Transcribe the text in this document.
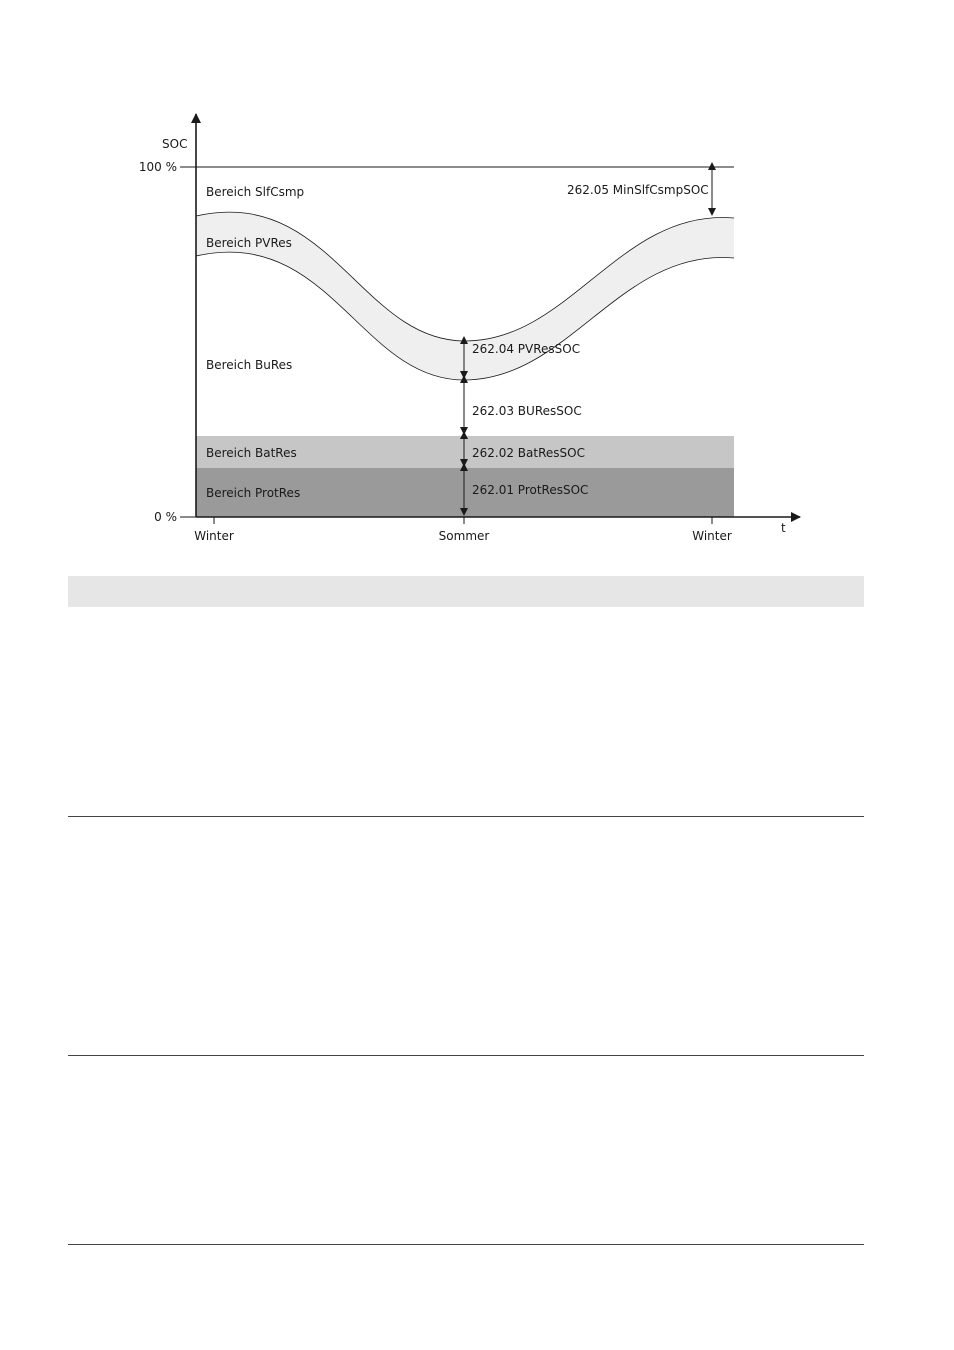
SOC
100 %
0 %
Winter	Sommer	Winter
t
Bereich SlfCsmp
Bereich PVRes
Bereich BuRes
Bereich BatRes
Bereich ProtRes
262.05 MinSlfCsmpSOC
262.04 PVResSOC
262.03 BUResSOC
262.02 BatResSOC
262.01 ProtResSOC
